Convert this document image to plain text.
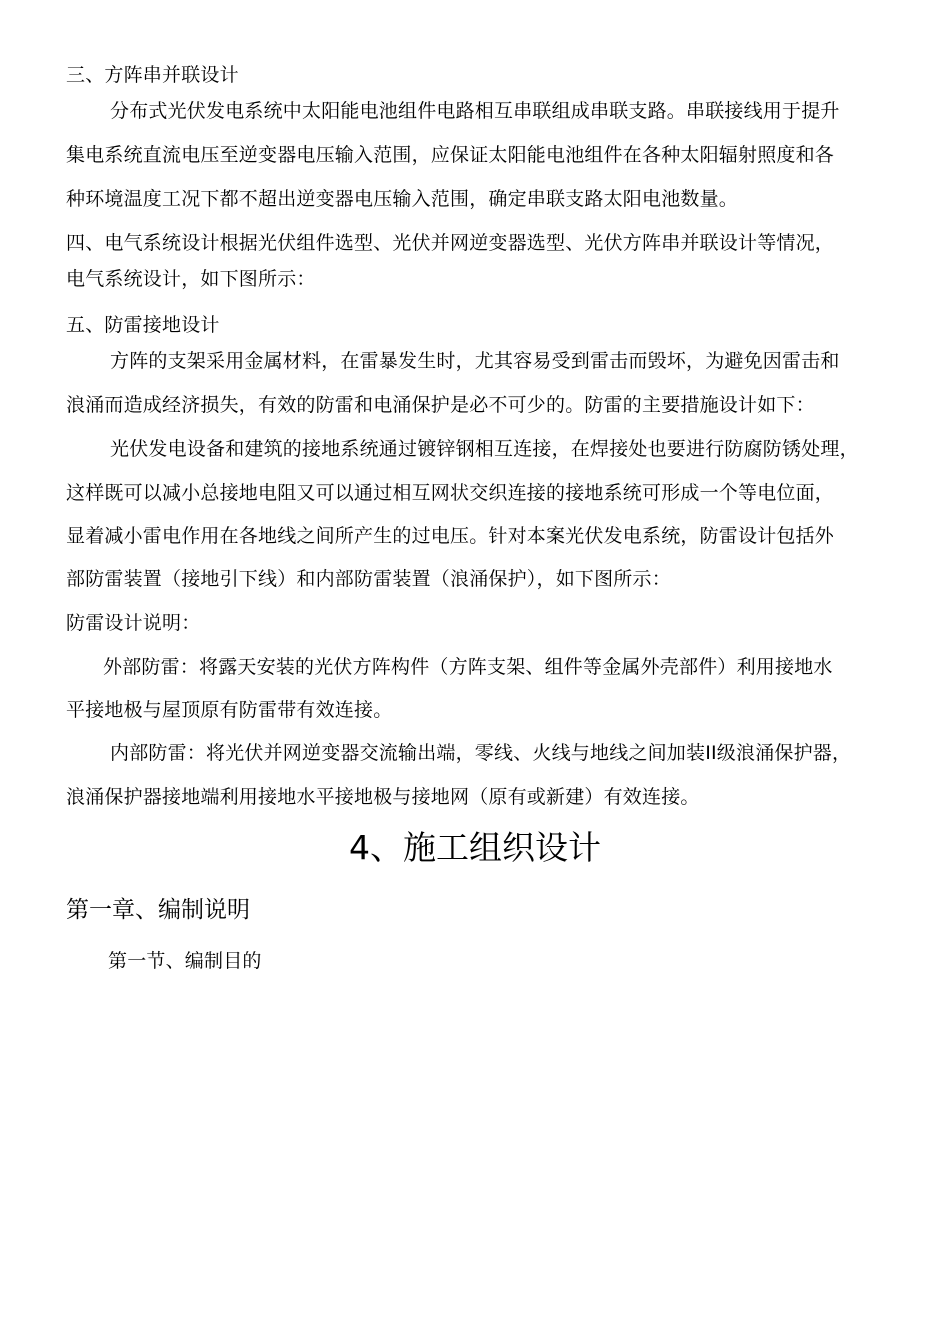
三、方阵串并联设计
分布式光伏发电系统中太阳能电池组件电路相互串联组成串联支路。串联接线用于提升
集电系统直流电压至逆变器电压输入范围，应保证太阳能电池组件在各种太阳辐射照度和各
种环境温度工况下都不超出逆变器电压输入范围，确定串联支路太阳电池数量。
四、电气系统设计根据光伏组件选型、光伏并网逆变器选型、光伏方阵串并联设计等情况，
电气系统设计，如下图所示：
五、防雷接地设计
方阵的支架采用金属材料，在雷暴发生时，尤其容易受到雷击而毁坏，为避免因雷击和
浪涌而造成经济损失，有效的防雷和电涌保护是必不可少的。防雷的主要措施设计如下：
光伏发电设备和建筑的接地系统通过镀锌钢相互连接，在焊接处也要进行防腐防锈处理，
这样既可以减小总接地电阻又可以通过相互网状交织连接的接地系统可形成一个等电位面，
显着减小雷电作用在各地线之间所产生的过电压。针对本案光伏发电系统，防雷设计包括外
部防雷装置（接地引下线）和内部防雷装置（浪涌保护），如下图所示：
防雷设计说明：
外部防雷：将露天安装的光伏方阵构件（方阵支架、组件等金属外壳部件）利用接地水
平接地极与屋顶原有防雷带有效连接。
内部防雷：将光伏并网逆变器交流输出端，零线、火线与地线之间加装II级浪涌保护器，
浪涌保护器接地端利用接地水平接地极与接地网（原有或新建）有效连接。
4、施工组织设计
第一章、编制说明
第一节、编制目的
